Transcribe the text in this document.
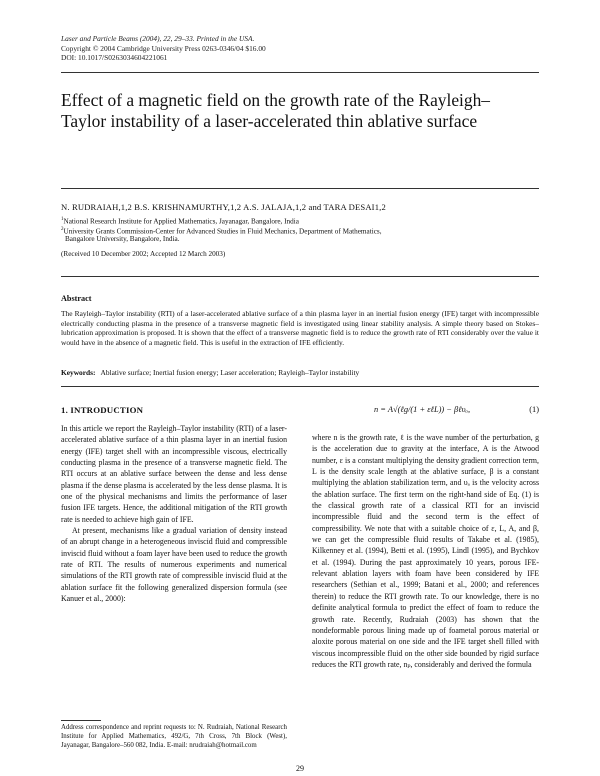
Laser and Particle Beams (2004), 22, 29–33. Printed in the USA.
Copyright © 2004 Cambridge University Press 0263-0346/04 $16.00
DOI: 10.1017/S0263034604221061
Effect of a magnetic field on the growth rate of the Rayleigh–Taylor instability of a laser-accelerated thin ablative surface
N. RUDRAIAH,1,2 B.S. KRISHNAMURTHY,1,2 A.S. JALAJA,1,2 and TARA DESAI1,2
$^1$National Research Institute for Applied Mathematics, Jayanagar, Bangalore, India
$^2$University Grants Commission-Center for Advanced Studies in Fluid Mechanics, Department of Mathematics,
Bangalore University, Bangalore, India.
(Received 10 December 2002; Accepted 12 March 2003)
Abstract
The Rayleigh–Taylor instability (RTI) of a laser-accelerated ablative surface of a thin plasma layer in an inertial fusion energy (IFE) target with incompressible electrically conducting plasma in the presence of a transverse magnetic field is investigated using linear stability analysis. A simple theory based on Stokes–lubrication approximation is proposed. It is shown that the effect of a transverse magnetic field is to reduce the growth rate of RTI considerably over the value it would have in the absence of a magnetic field. This is useful in the extraction of IFE efficiently.
Keywords: Ablative surface; Inertial fusion energy; Laser acceleration; Rayleigh–Taylor instability
1. INTRODUCTION

In this article we report the Rayleigh–Taylor instability (RTI) of a laser-accelerated ablative surface of a thin plasma layer in an inertial fusion energy (IFE) target shell with an incompressible viscous, electrically conducting plasma in the presence of a transverse magnetic field. The RTI occurs at an ablative surface between the dense and less dense plasma if the dense plasma is accelerated by the less dense plasma. It is one of the physical mechanisms and limits the performance of laser fusion IFE targets. Hence, the additional mitigation of the RTI growth rate is needed to achieve high gain of IFE.

At present, mechanisms like a gradual variation of density instead of an abrupt change in a heterogeneous inviscid fluid and compressible inviscid fluid without a foam layer have been used to reduce the growth rate of RTI. The results of numerous experiments and numerical simulations of the RTI growth rate of compressible inviscid fluid at the ablation surface fit the following generalized dispersion formula (see Kanuer et al., 2000):

n = A√(ℓg/(1 + εℓL)) − βℓυₐ,	(1)

where n is the growth rate, ℓ is the wave number of the perturbation, g is the acceleration due to gravity at the interface, A is the Atwood number, ε is a constant multiplying the density gradient correction term, L is the density scale length at the ablative surface, β is a constant multiplying the ablation stabilization term, and υₐ is the velocity across the ablation surface. The first term on the right-hand side of Eq. (1) is the classical growth rate of a classical RTI for an inviscid incompressible fluid and the second term is the effect of compressibility. We note that with a suitable choice of ε, L, A, and β, we can get the compressible fluid results of Takabe et al. (1985), Kilkenney et al. (1994), Betti et al. (1995), Lindl (1995), and Bychkov et al. (1994). During the past approximately 10 years, porous IFE-relevant ablation layers with foam have been considered by IFE researchers (Sethian et al., 1999; Batani et al., 2000; and references therein) to reduce the RTI growth rate. To our knowledge, there is no definite analytical formula to predict the effect of foam to reduce the growth rate. Recently, Rudraiah (2003) has shown that the nondeformable porous lining made up of foametal porous material or aloxite porous material on one side and the IFE target shell filled with viscous incompressible fluid on the other side bounded by rigid surface reduces the RTI growth rate, nₚ, considerably and derived the formula

Address correspondence and reprint requests to: N. Rudraiah, National Research Institute for Applied Mathematics, 492/G, 7th Cross, 7th Block (West), Jayanagar, Bangalore–560 082, India. E-mail: nrudraiah@hotmail.com
29
